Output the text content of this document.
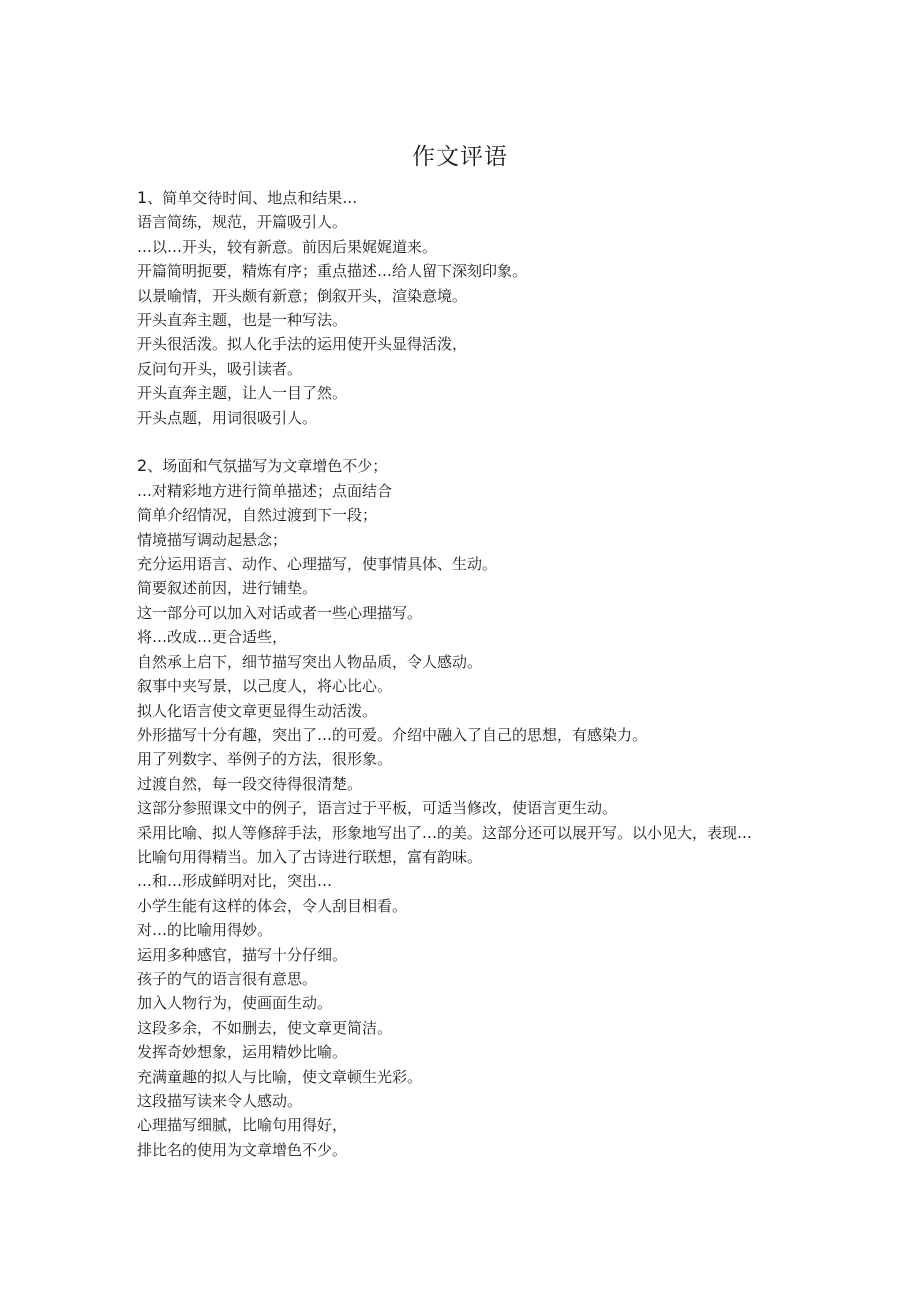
作文评语

1、简单交待时间、地点和结果…

语言简练，规范，开篇吸引人。

…以…开头，较有新意。前因后果娓娓道来。

开篇简明扼要，精炼有序；重点描述…给人留下深刻印象。

以景喻情，开头颇有新意；倒叙开头，渲染意境。

开头直奔主题，也是一种写法。

开头很活泼。拟人化手法的运用使开头显得活泼，

反问句开头，吸引读者。

开头直奔主题，让人一目了然。

开头点题，用词很吸引人。

2、场面和气氛描写为文章增色不少；

…对精彩地方进行简单描述；点面结合

简单介绍情况，自然过渡到下一段；

情境描写调动起悬念；

充分运用语言、动作、心理描写，使事情具体、生动。

简要叙述前因，进行铺垫。

这一部分可以加入对话或者一些心理描写。

将…改成…更合适些，

自然承上启下，细节描写突出人物品质，令人感动。

叙事中夹写景，以己度人，将心比心。

拟人化语言使文章更显得生动活泼。

外形描写十分有趣，突出了…的可爱。介绍中融入了自己的思想，有感染力。

用了列数字、举例子的方法，很形象。

过渡自然，每一段交待得很清楚。

这部分参照课文中的例子，语言过于平板，可适当修改，使语言更生动。

采用比喻、拟人等修辞手法，形象地写出了…的美。这部分还可以展开写。以小见大，表现…

比喻句用得精当。加入了古诗进行联想，富有韵味。

…和…形成鲜明对比，突出…

小学生能有这样的体会，令人刮目相看。

对…的比喻用得妙。

运用多种感官，描写十分仔细。

孩子的气的语言很有意思。

加入人物行为，使画面生动。

这段多余，不如删去，使文章更简洁。

发挥奇妙想象，运用精妙比喻。

充满童趣的拟人与比喻，使文章顿生光彩。

这段描写读来令人感动。

心理描写细腻，比喻句用得好，

排比名的使用为文章增色不少。
